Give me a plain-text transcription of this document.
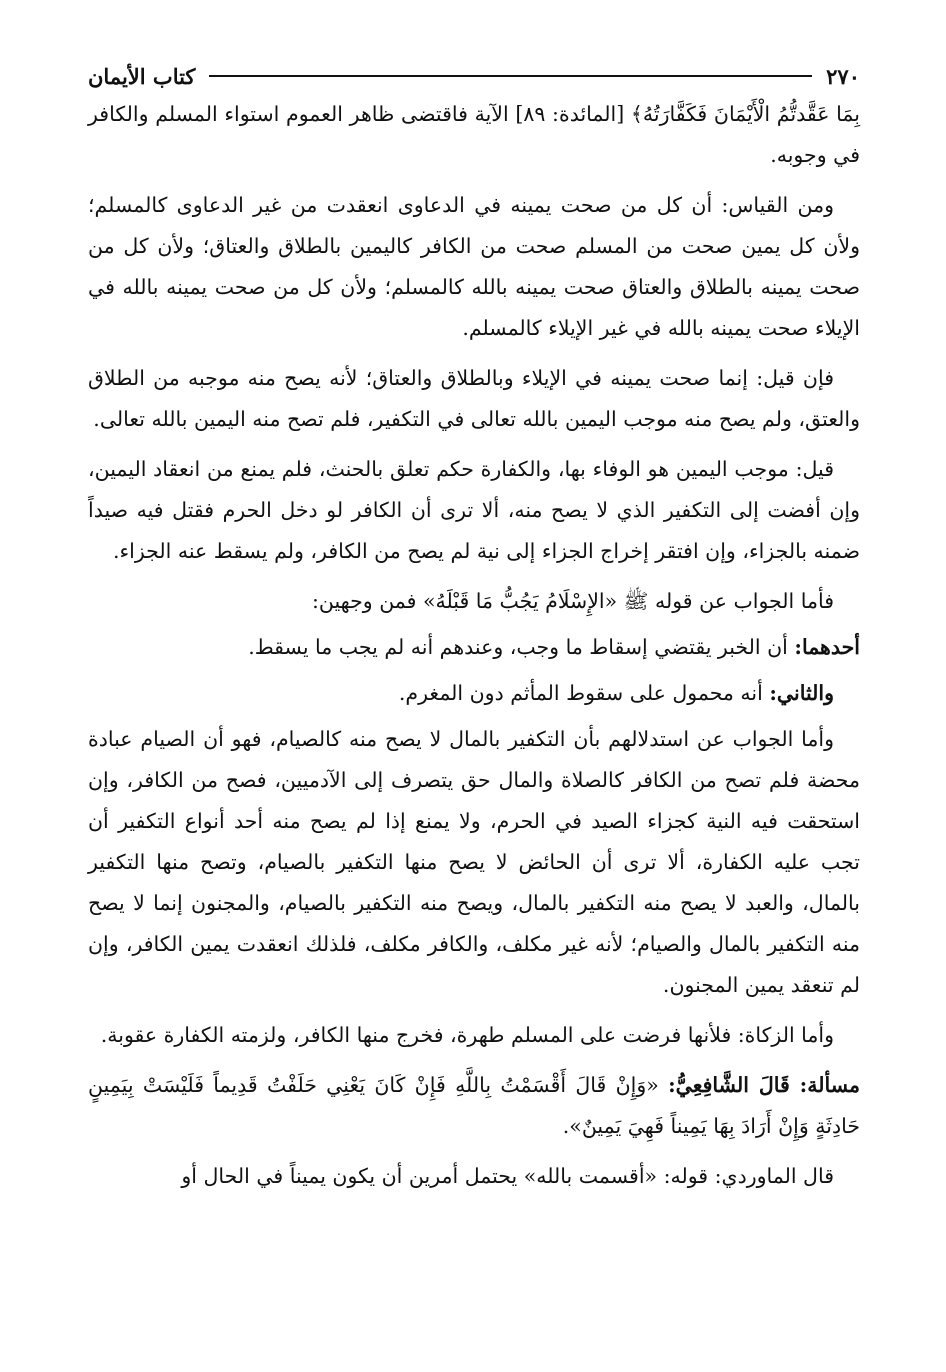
٢٧٠
كتاب الأيمان

بِمَا عَقَّدتُّمُ الْأَيْمَانَ فَكَفَّارَتُهُ﴾ [المائدة: ٨٩] الآية فاقتضى ظاهر العموم استواء المسلم والكافر في وجوبه.

ومن القياس: أن كل من صحت يمينه في الدعاوى انعقدت من غير الدعاوى كالمسلم؛ ولأن كل يمين صحت من المسلم صحت من الكافر كاليمين بالطلاق والعتاق؛ ولأن كل من صحت يمينه بالطلاق والعتاق صحت يمينه بالله كالمسلم؛ ولأن كل من صحت يمينه بالله في الإيلاء صحت يمينه بالله في غير الإيلاء كالمسلم.

فإن قيل: إنما صحت يمينه في الإيلاء وبالطلاق والعتاق؛ لأنه يصح منه موجبه من الطلاق والعتق، ولم يصح منه موجب اليمين بالله تعالى في التكفير، فلم تصح منه اليمين بالله تعالى.

قيل: موجب اليمين هو الوفاء بها، والكفارة حكم تعلق بالحنث، فلم يمنع من انعقاد اليمين، وإن أفضت إلى التكفير الذي لا يصح منه، ألا ترى أن الكافر لو دخل الحرم فقتل فيه صيداً ضمنه بالجزاء، وإن افتقر إخراج الجزاء إلى نية لم يصح من الكافر، ولم يسقط عنه الجزاء.

فأما الجواب عن قوله ﷺ «الإِسْلَامُ يَجُبُّ مَا قَبْلَهُ» فمن وجهين:

أحدهما: أن الخبر يقتضي إسقاط ما وجب، وعندهم أنه لم يجب ما يسقط.

والثاني: أنه محمول على سقوط المأثم دون المغرم.

وأما الجواب عن استدلالهم بأن التكفير بالمال لا يصح منه كالصيام، فهو أن الصيام عبادة محضة فلم تصح من الكافر كالصلاة والمال حق يتصرف إلى الآدميين، فصح من الكافر، وإن استحقت فيه النية كجزاء الصيد في الحرم، ولا يمنع إذا لم يصح منه أحد أنواع التكفير أن تجب عليه الكفارة، ألا ترى أن الحائض لا يصح منها التكفير بالصيام، وتصح منها التكفير بالمال، والعبد لا يصح منه التكفير بالمال، ويصح منه التكفير بالصيام، والمجنون إنما لا يصح منه التكفير بالمال والصيام؛ لأنه غير مكلف، والكافر مكلف، فلذلك انعقدت يمين الكافر، وإن لم تنعقد يمين المجنون.

وأما الزكاة: فلأنها فرضت على المسلم طهرة، فخرج منها الكافر، ولزمته الكفارة عقوبة.

مسألة: قَالَ الشَّافِعِيُّ: «وَإِنْ قَالَ أَقْسَمْتُ بِاللَّهِ فَإِنْ كَانَ يَعْنِي حَلَفْتُ قَدِيماً فَلَيْسَتْ بِيَمِينٍ حَادِثَةٍ وَإِنْ أَرَادَ بِهَا يَمِيناً فَهِيَ يَمِينٌ».

قال الماوردي: قوله: «أقسمت بالله» يحتمل أمرين أن يكون يميناً في الحال أو
